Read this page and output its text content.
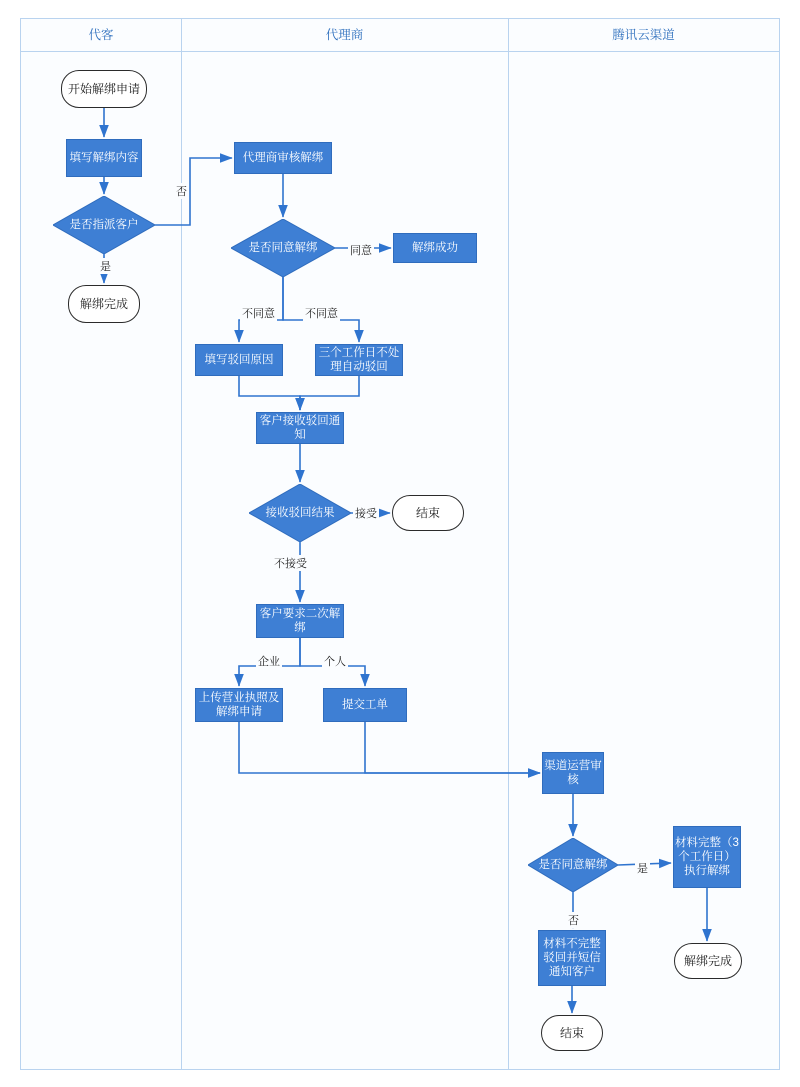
代客	代理商	腾讯云渠道
开始解绑申请
填写解绑内容
是否指派客户
解绑完成
代理商审核解绑
是否同意解绑	解绑成功
填写驳回原因
三个工作日不处理自动驳回
客户接收驳回通知
接收驳回结果	结束
客户要求二次解绑
上传营业执照及解绑申请
提交工单
渠道运营审核
是否同意解绑
材料完整（3个工作日）执行解绑
材料不完整驳回并短信通知客户
解绑完成
结束
否
是
同意
不同意	不同意
接受
不接受
企业	个人
是
否
